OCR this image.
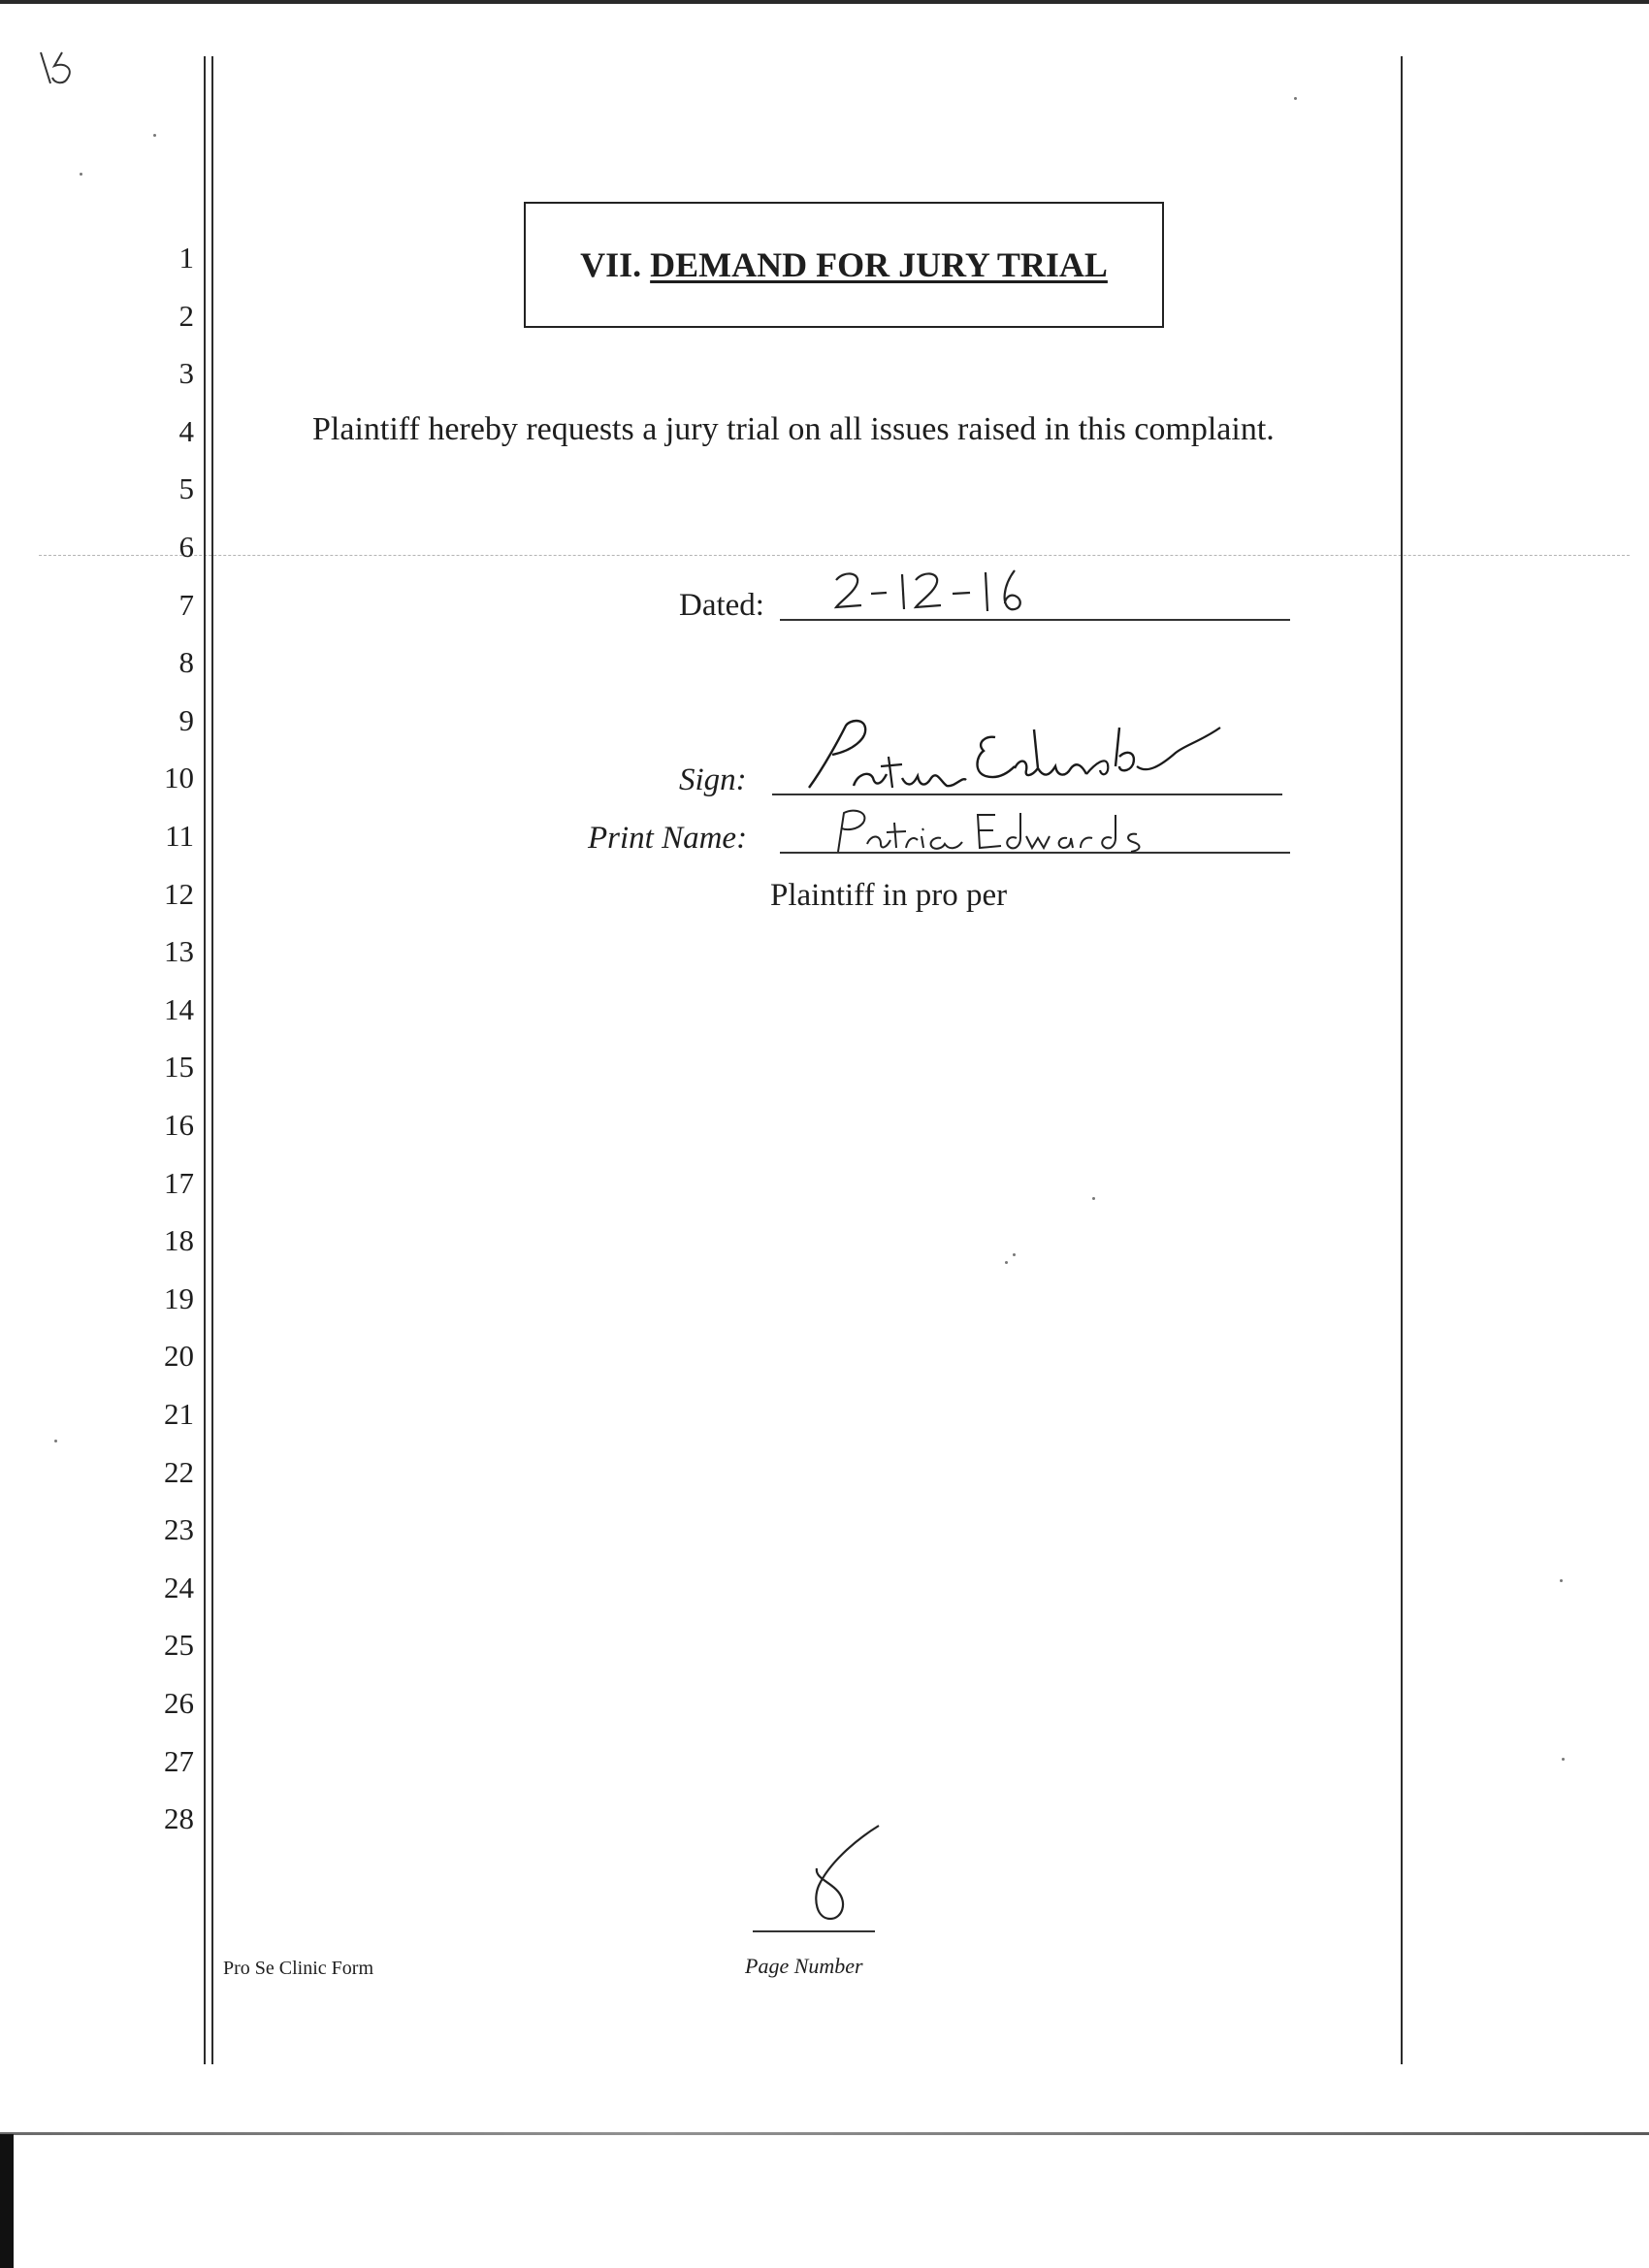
1
2
3
4
5
6
7
8
9
10
11
12
13
14
15
16
17
18
19
20
21
22
23
24
25
26
27
28
VII. DEMAND FOR JURY TRIAL
Plaintiff hereby requests a jury trial on all issues raised in this complaint.
Dated:
Sign:
Print Name:
Plaintiff in pro per
Pro Se Clinic Form	Page Number
